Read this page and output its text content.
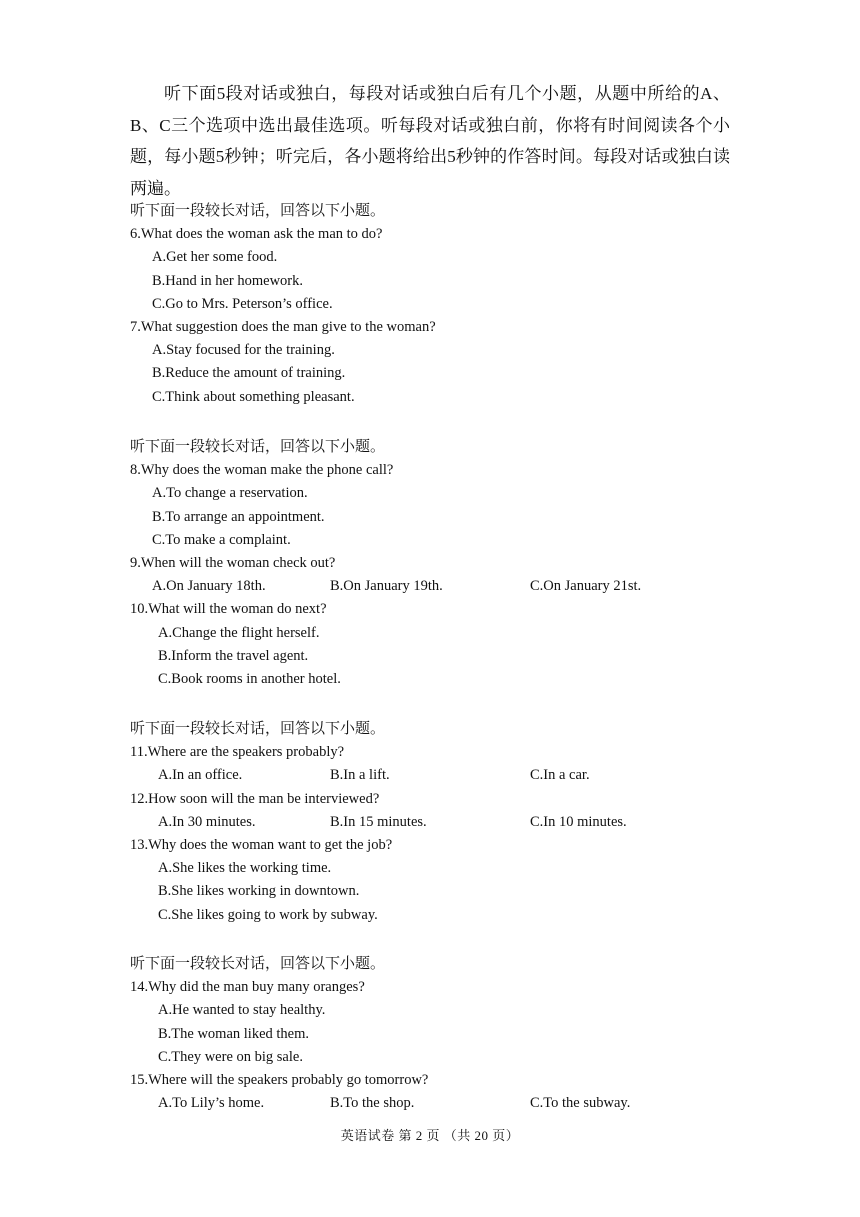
听下面5段对话或独白，每段对话或独白后有几个小题，从题中所给的A、B、C三个选项中选出最佳选项。听每段对话或独白前，你将有时间阅读各个小题，每小题5秒钟；听完后，各小题将给出5秒钟的作答时间。每段对话或独白读两遍。

听下面一段较长对话，回答以下小题。
6.What does the woman ask the man to do?
A.Get her some food.
B.Hand in her homework.
C.Go to Mrs. Peterson’s office.
7.What suggestion does the man give to the woman?
A.Stay focused for the training.
B.Reduce the amount of training.
C.Think about something pleasant.
听下面一段较长对话，回答以下小题。
8.Why does the woman make the phone call?
A.To change a reservation.
B.To arrange an appointment.
C.To make a complaint.
9.When will the woman check out?
A.On January 18th.	B.On January 19th.	C.On January 21st.
10.What will the woman do next?
A.Change the flight herself.
B.Inform the travel agent.
C.Book rooms in another hotel.
听下面一段较长对话，回答以下小题。
11.Where are the speakers probably?
A.In an office.	B.In a lift.	C.In a car.
12.How soon will the man be interviewed?
A.In 30 minutes.	B.In 15 minutes.	C.In 10 minutes.
13.Why does the woman want to get the job?
A.She likes the working time.
B.She likes working in downtown.
C.She likes going to work by subway.
听下面一段较长对话，回答以下小题。
14.Why did the man buy many oranges?
A.He wanted to stay healthy.
B.The woman liked them.
C.They were on big sale.
15.Where will the speakers probably go tomorrow?
A.To Lily’s home.	B.To the shop.	C.To the subway.
英语试卷 第 2 页 （共 20 页）
